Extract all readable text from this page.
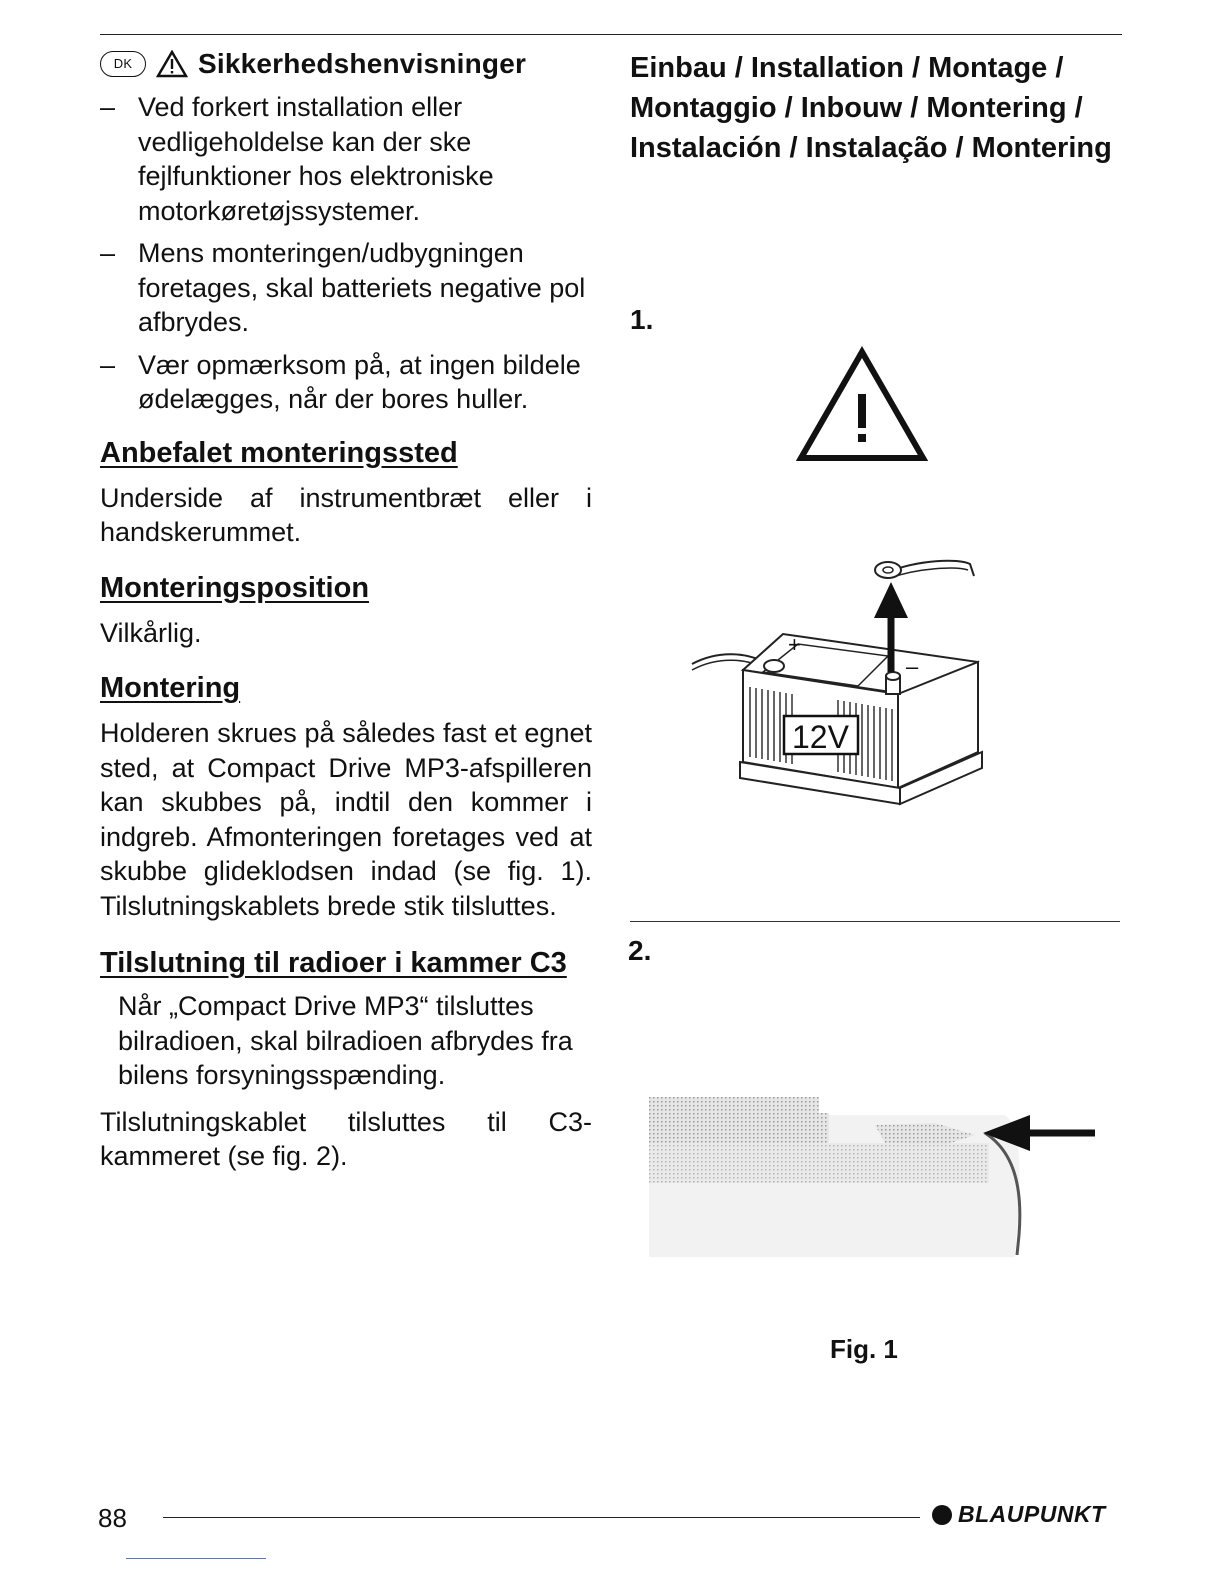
DK	Sikkerhedshenvisninger
– Ved forkert installation eller vedligeholdelse kan der ske fejlfunktioner hos elektroniske motorkøretøjssystemer.
– Mens monteringen/udbygningen foretages, skal batteriets negative pol afbrydes.
– Vær opmærksom på, at ingen bildele ødelægges, når der bores huller.
Anbefalet monteringssted
Underside af instrumentbræt eller i handskerummet.
Monteringsposition
Vilkårlig.
Montering
Holderen skrues på således fast et egnet sted, at Compact Drive MP3-afspilleren kan skubbes på, indtil den kommer i indgreb. Afmonteringen foretages ved at skubbe glideklodsen indad (se fig. 1). Tilslutningskablets brede stik tilsluttes.
Tilslutning til radioer i kammer C3
Når „Compact Drive MP3“ tilsluttes bilradioen, skal bilradioen afbrydes fra bilens forsyningsspænding.
Tilslutningskablet tilsluttes til C3-kammeret (se fig. 2).
Einbau / Installation / Montage / Montaggio / Inbouw / Montering / Instalación / Instalação / Montering
1.
12V
+
–
2.
Fig. 1
88	BLAUPUNKT
